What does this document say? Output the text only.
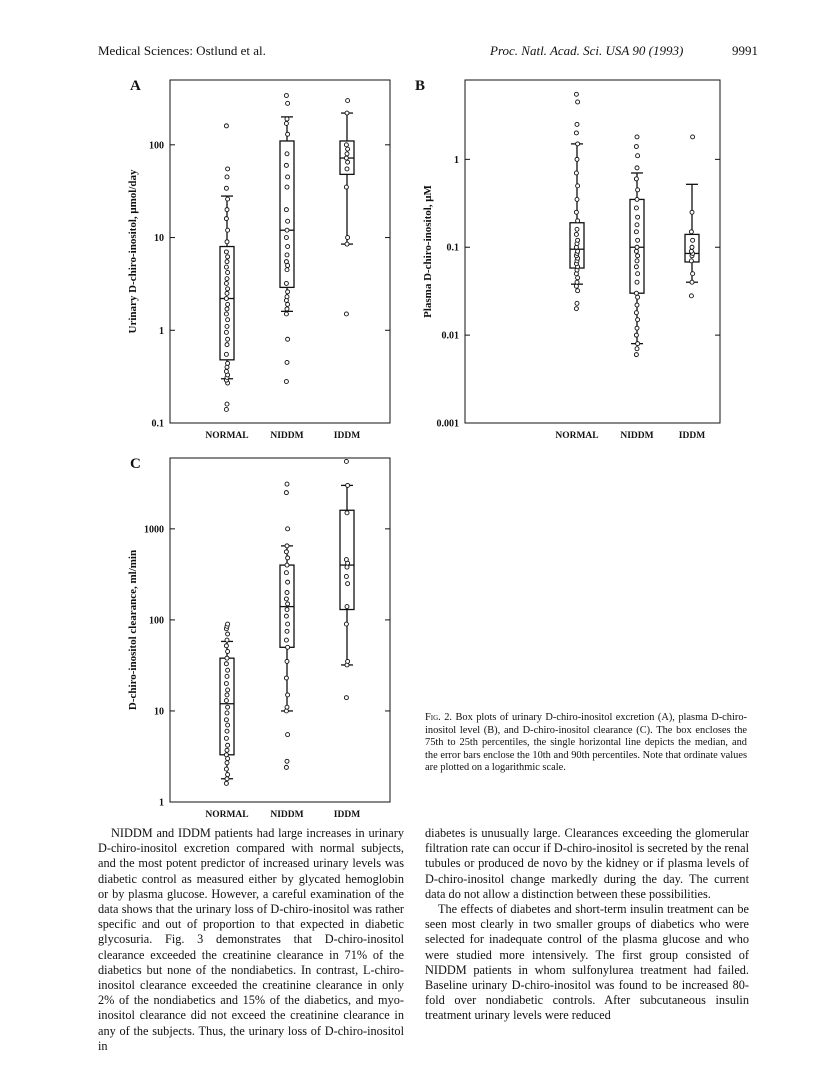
Medical Sciences: Ostlund et al.	Proc. Natl. Acad. Sci. USA 90 (1993)	9991
A
0.1
1
10
100
Urinary D-chiro-inositol, μmol/day
NORMAL NIDDM	IDDM
B
0.001
0.01
0.1
1
Plasma D-chiro-inositol, μM
NORMAL NIDDM	IDDM
C
1
10
100
1000
D-chiro-inositol clearance, ml/min
NORMAL NIDDM	IDDM
Fig. 2. Box plots of urinary D-chiro-inositol excretion (A), plasma D-chiro-inositol level (B), and D-chiro-inositol clearance (C). The box encloses the 75th to 25th percentiles, the single horizontal line depicts the median, and the error bars enclose the 10th and 90th percentiles. Note that ordinate values are plotted on a logarithmic scale.

NIDDM and IDDM patients had large increases in urinary D-chiro-inositol excretion compared with normal subjects, and the most potent predictor of increased urinary levels was diabetic control as measured either by glycated hemoglobin or by plasma glucose. However, a careful examination of the data shows that the urinary loss of D-chiro-inositol was rather specific and out of proportion to that expected in diabetic glycosuria. Fig. 3 demonstrates that D-chiro-inositol clearance exceeded the creatinine clearance in 71% of the diabetics but none of the nondiabetics. In contrast, L-chiro-inositol clearance exceeded the creatinine clearance in only 2% of the nondiabetics and 15% of the diabetics, and myo-inositol clearance did not exceed the creatinine clearance in any of the subjects. Thus, the urinary loss of D-chiro-inositol in

diabetes is unusually large. Clearances exceeding the glomerular filtration rate can occur if D-chiro-inositol is secreted by the renal tubules or produced de novo by the kidney or if plasma levels of D-chiro-inositol change markedly during the day. The current data do not allow a distinction between these possibilities.

The effects of diabetes and short-term insulin treatment can be seen most clearly in two smaller groups of diabetics who were selected for inadequate control of the plasma glucose and who were studied more intensively. The first group consisted of NIDDM patients in whom sulfonylurea treatment had failed. Baseline urinary D-chiro-inositol was found to be increased 80-fold over nondiabetic controls. After subcutaneous insulin treatment urinary levels were reduced
